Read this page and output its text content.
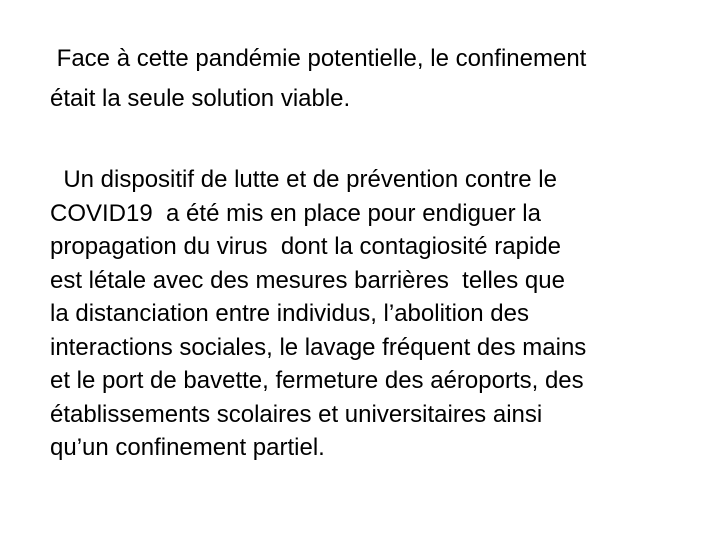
Face à cette pandémie potentielle, le confinement
était la seule solution viable.
Un dispositif de lutte et de prévention contre le
COVID19  a été mis en place pour endiguer la
propagation du virus  dont la contagiosité rapide
est létale avec des mesures barrières  telles que
la distanciation entre individus, l’abolition des
interactions sociales, le lavage fréquent des mains
et le port de bavette, fermeture des aéroports, des
établissements scolaires et universitaires ainsi
qu’un confinement partiel.
